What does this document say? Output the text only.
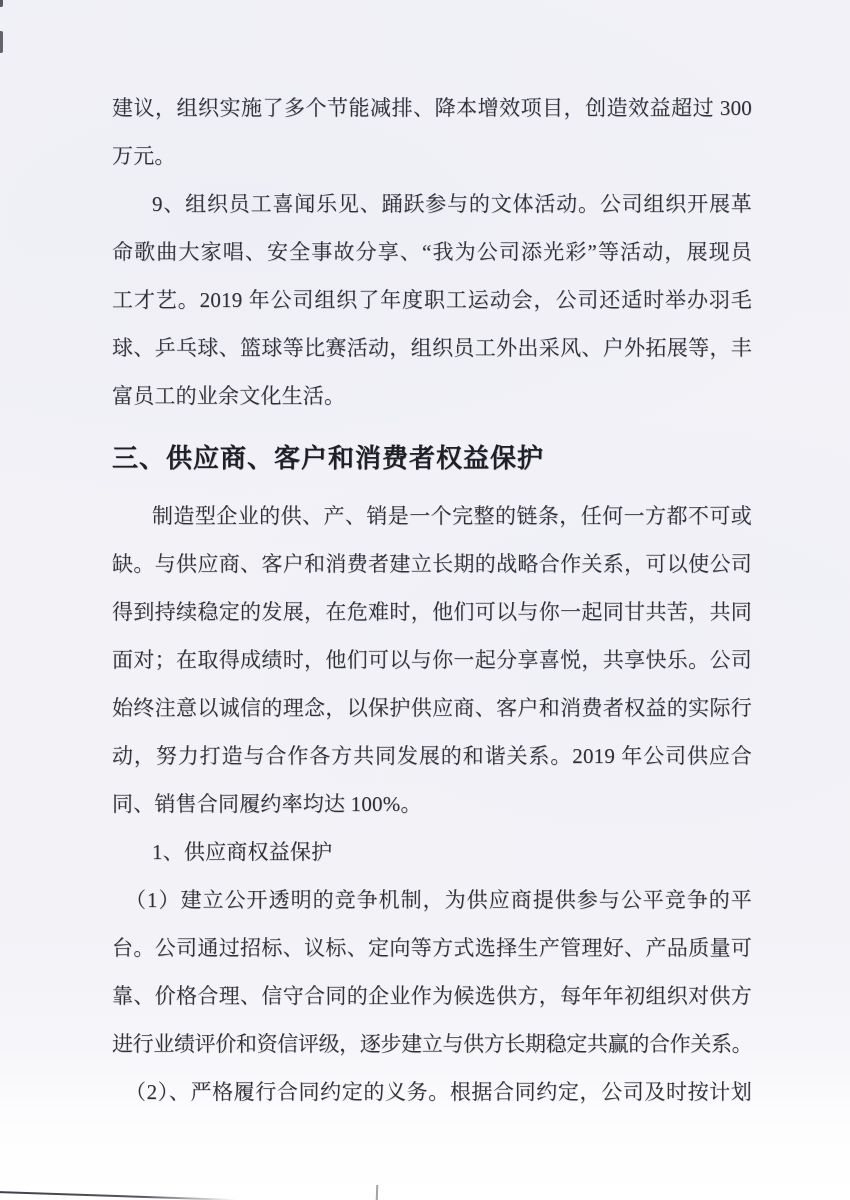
建议，组织实施了多个节能减排、降本增效项目，创造效益超过 300
万元。
9、组织员工喜闻乐见、踊跃参与的文体活动。公司组织开展革
命歌曲大家唱、安全事故分享、“我为公司添光彩”等活动，展现员
工才艺。2019 年公司组织了年度职工运动会，公司还适时举办羽毛
球、乒乓球、篮球等比赛活动，组织员工外出采风、户外拓展等，丰
富员工的业余文化生活。
三、供应商、客户和消费者权益保护
制造型企业的供、产、销是一个完整的链条，任何一方都不可或
缺。与供应商、客户和消费者建立长期的战略合作关系，可以使公司
得到持续稳定的发展，在危难时，他们可以与你一起同甘共苦，共同
面对；在取得成绩时，他们可以与你一起分享喜悦，共享快乐。公司
始终注意以诚信的理念，以保护供应商、客户和消费者权益的实际行
动，努力打造与合作各方共同发展的和谐关系。2019 年公司供应合
同、销售合同履约率均达 100%。
1、供应商权益保护
（1）建立公开透明的竞争机制，为供应商提供参与公平竞争的平
台。公司通过招标、议标、定向等方式选择生产管理好、产品质量可
靠、价格合理、信守合同的企业作为候选供方，每年年初组织对供方
进行业绩评价和资信评级，逐步建立与供方长期稳定共赢的合作关系。
（2）、严格履行合同约定的义务。根据合同约定，公司及时按计划
